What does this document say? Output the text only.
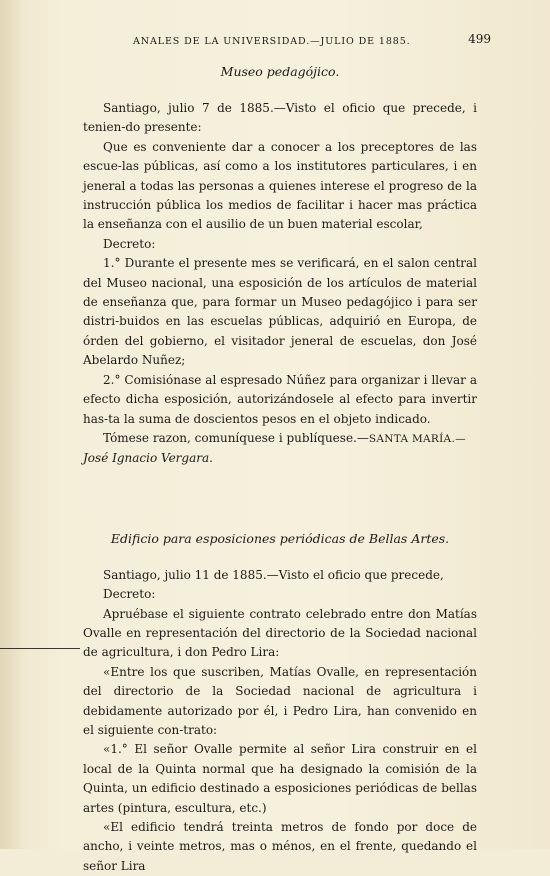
ANALES DE LA UNIVERSIDAD.—JULIO DE 1885.	499
Museo pedagójico.

Santiago, julio 7 de 1885.—Visto el oficio que precede, i tenien-do presente:

Que es conveniente dar a conocer a los preceptores de las escue-las públicas, así como a los institutores particulares, i en jeneral a todas las personas a quienes interese el progreso de la instrucción pública los medios de facilitar i hacer mas práctica la enseñanza con el ausilio de un buen material escolar,

Decreto:

1.° Durante el presente mes se verificará, en el salon central del Museo nacional, una esposición de los artículos de material de enseñanza que, para formar un Museo pedagójico i para ser distri-buidos en las escuelas públicas, adquirió en Europa, de órden del gobierno, el visitador jeneral de escuelas, don José Abelardo Nuñez;

2.° Comisiónase al espresado Núñez para organizar i llevar a efecto dicha esposición, autorizándosele al efecto para invertir has-ta la suma de doscientos pesos en el objeto indicado.

Tómese razon, comuníquese i publíquese.—SANTA MARÍA.—

José Ignacio Vergara.

Edificio para esposiciones periódicas de Bellas Artes.

Santiago, julio 11 de 1885.—Visto el oficio que precede,

Decreto:

Apruébase el siguiente contrato celebrado entre don Matías Ovalle en representación del directorio de la Sociedad nacional de agricultura, i don Pedro Lira:

«Entre los que suscriben, Matías Ovalle, en representación del directorio de la Sociedad nacional de agricultura i debidamente autorizado por él, i Pedro Lira, han convenido en el siguiente con-trato:

«1.° El señor Ovalle permite al señor Lira construir en el local de la Quinta normal que ha designado la comisión de la Quinta, un edificio destinado a esposiciones periódicas de bellas artes (pintura, escultura, etc.)

«El edificio tendrá treinta metros de fondo por doce de ancho, i veinte metros, mas o ménos, en el frente, quedando el señor Lira
